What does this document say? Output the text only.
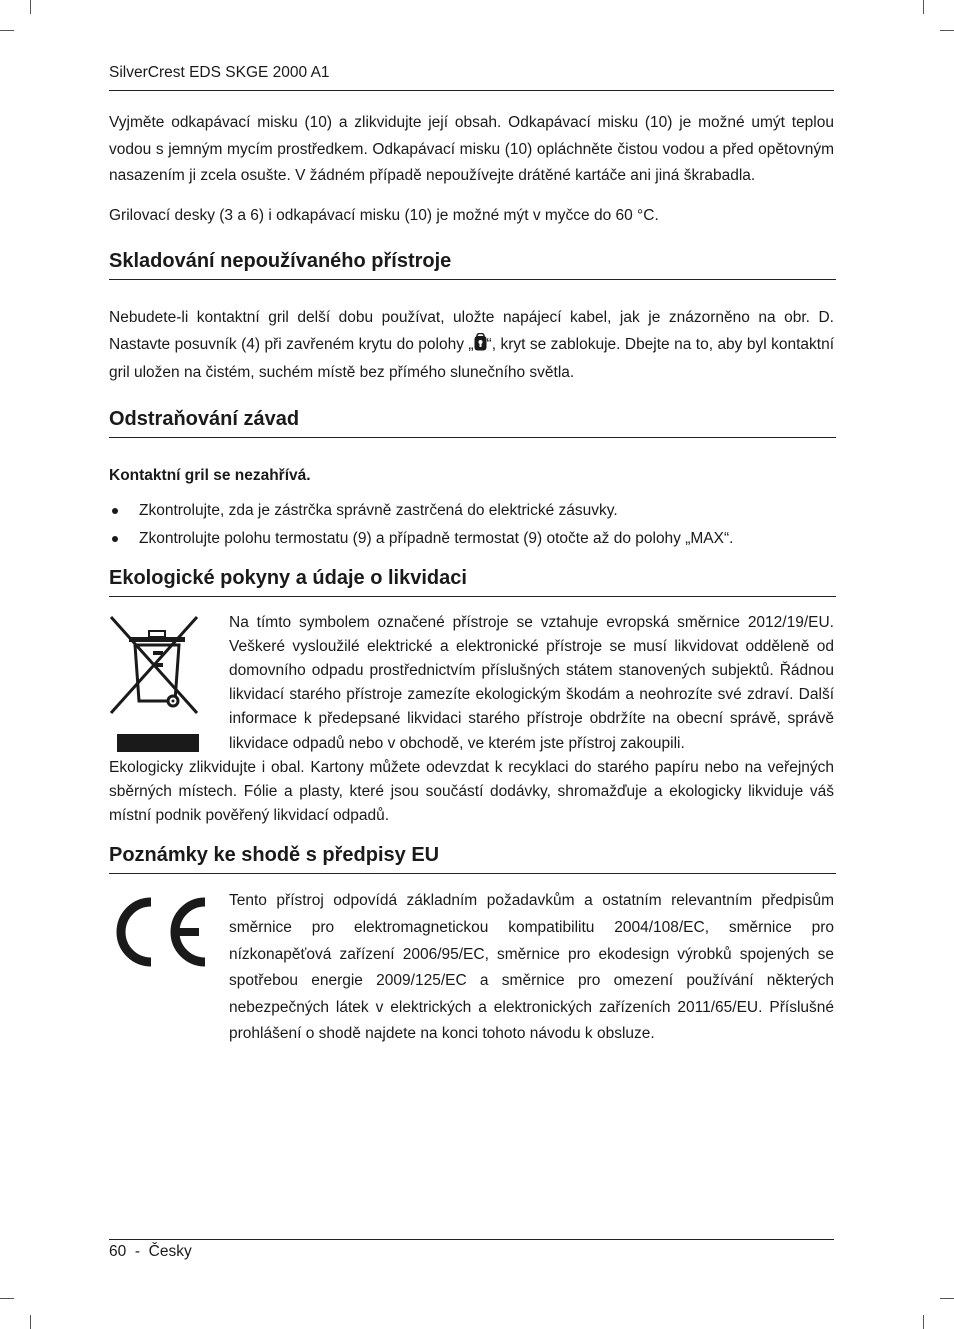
SilverCrest EDS SKGE 2000 A1

Vyjměte odkapávací misku (10) a zlikvidujte její obsah. Odkapávací misku (10) je možné umýt teplou vodou s jemným mycím prostředkem. Odkapávací misku (10) opláchněte čistou vodou a před opětovným nasazením ji zcela osušte. V žádném případě nepoužívejte drátěné kartáče ani jiná škrabadla.

Grilovací desky (3 a 6) i odkapávací misku (10) je možné mýt v myčce do 60 °C.

Skladování nepoužívaného přístroje

Nebudete-li kontaktní gril delší dobu používat, uložte napájecí kabel, jak je znázorněno na obr. D. Nastavte posuvník (4) při zavřeném krytu do polohy „ “, kryt se zablokuje. Dbejte na to, aby byl kontaktní gril uložen na čistém, suchém místě bez přímého slunečního světla.

Odstraňování závad

Kontaktní gril se nezahřívá.

Zkontrolujte, zda je zástrčka správně zastrčená do elektrické zásuvky.
Zkontrolujte polohu termostatu (9) a případně termostat (9) otočte až do polohy „MAX“.
Ekologické pokyny a údaje o likvidaci

Na tímto symbolem označené přístroje se vztahuje evropská směrnice 2012/19/EU. Veškeré vysloužilé elektrické a elektronické přístroje se musí likvidovat odděleně od domovního odpadu prostřednictvím příslušných státem stanovených subjektů. Řádnou likvidací starého přístroje zamezíte ekologickým škodám a neohrozíte své zdraví. Další informace k předepsané likvidaci starého přístroje obdržíte na obecní správě, správě likvidace odpadů nebo v obchodě, ve kterém jste přístroj zakoupili.

Ekologicky zlikvidujte i obal. Kartony můžete odevzdat k recyklaci do starého papíru nebo na veřejných sběrných místech. Fólie a plasty, které jsou součástí dodávky, shromažďuje a ekologicky likviduje váš místní podnik pověřený likvidací odpadů.

Poznámky ke shodě s předpisy EU

Tento přístroj odpovídá základním požadavkům a ostatním relevantním předpisům směrnice pro elektromagnetickou kompatibilitu 2004/108/EC, směrnice pro nízkonapěťová zařízení 2006/95/EC, směrnice pro ekodesign výrobků spojených se spotřebou energie 2009/125/EC a směrnice pro omezení používání některých nebezpečných látek v elektrických a elektronických zařízeních 2011/65/EU. Příslušné prohlášení o shodě najdete na konci tohoto návodu k obsluze.

60  -  Česky
